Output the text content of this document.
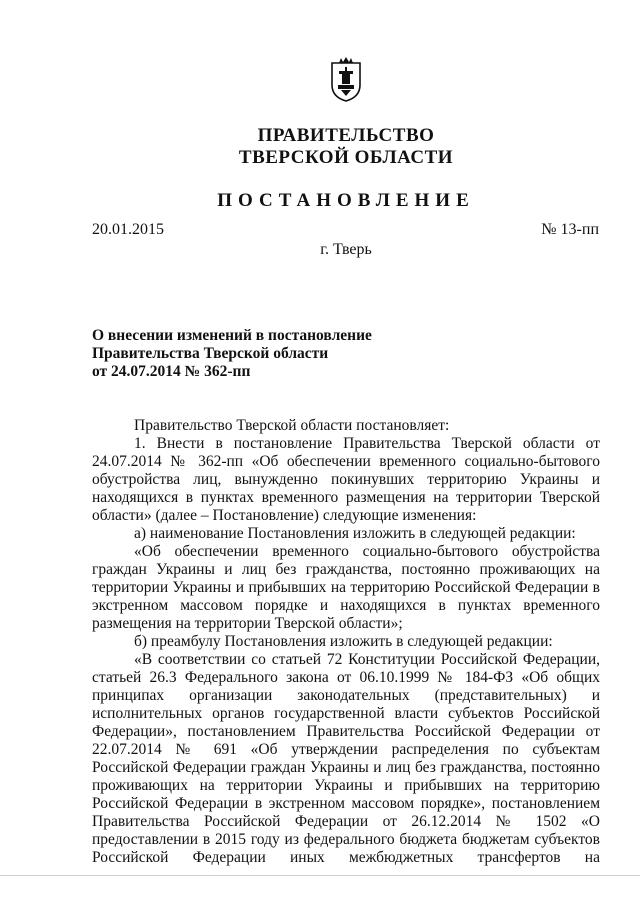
ПРАВИТЕЛЬСТВО
ТВЕРСКОЙ ОБЛАСТИ
ПОСТАНОВЛЕНИЕ
20.01.2015	№ 13-пп
г. Тверь
О внесении изменений в постановление
Правительства Тверской области
от 24.07.2014 № 362-пп

Правительство Тверской области постановляет:

1. Внести в постановление Правительства Тверской области от 24.07.2014 № 362-пп «Об обеспечении временного социально-бытового обустройства лиц, вынужденно покинувших территорию Украины и находящихся в пунктах временного размещения на территории Тверской области» (далее – Постановление) следующие изменения:

а) наименование Постановления изложить в следующей редакции:

«Об обеспечении временного социально-бытового обустройства граждан Украины и лиц без гражданства, постоянно проживающих на территории Украины и прибывших на территорию Российской Федерации в экстренном массовом порядке и находящихся в пунктах временного размещения на территории Тверской области»;

б) преамбулу Постановления изложить в следующей редакции:

«В соответствии со статьей 72 Конституции Российской Федерации, статьей 26.3 Федерального закона от 06.10.1999 № 184-ФЗ «Об общих принципах организации законодательных (представительных) и исполнительных органов государственной власти субъектов Российской Федерации», постановлением Правительства Российской Федерации от 22.07.2014 № 691 «Об утверждении распределения по субъектам Российской Федерации граждан Украины и лиц без гражданства, постоянно проживающих на территории Украины и прибывших на территорию Российской Федерации в экстренном массовом порядке», постановлением Правительства Российской Федерации от 26.12.2014 № 1502 «О предоставлении в 2015 году из федерального бюджета бюджетам субъектов Российской Федерации иных межбюджетных трансфертов на
